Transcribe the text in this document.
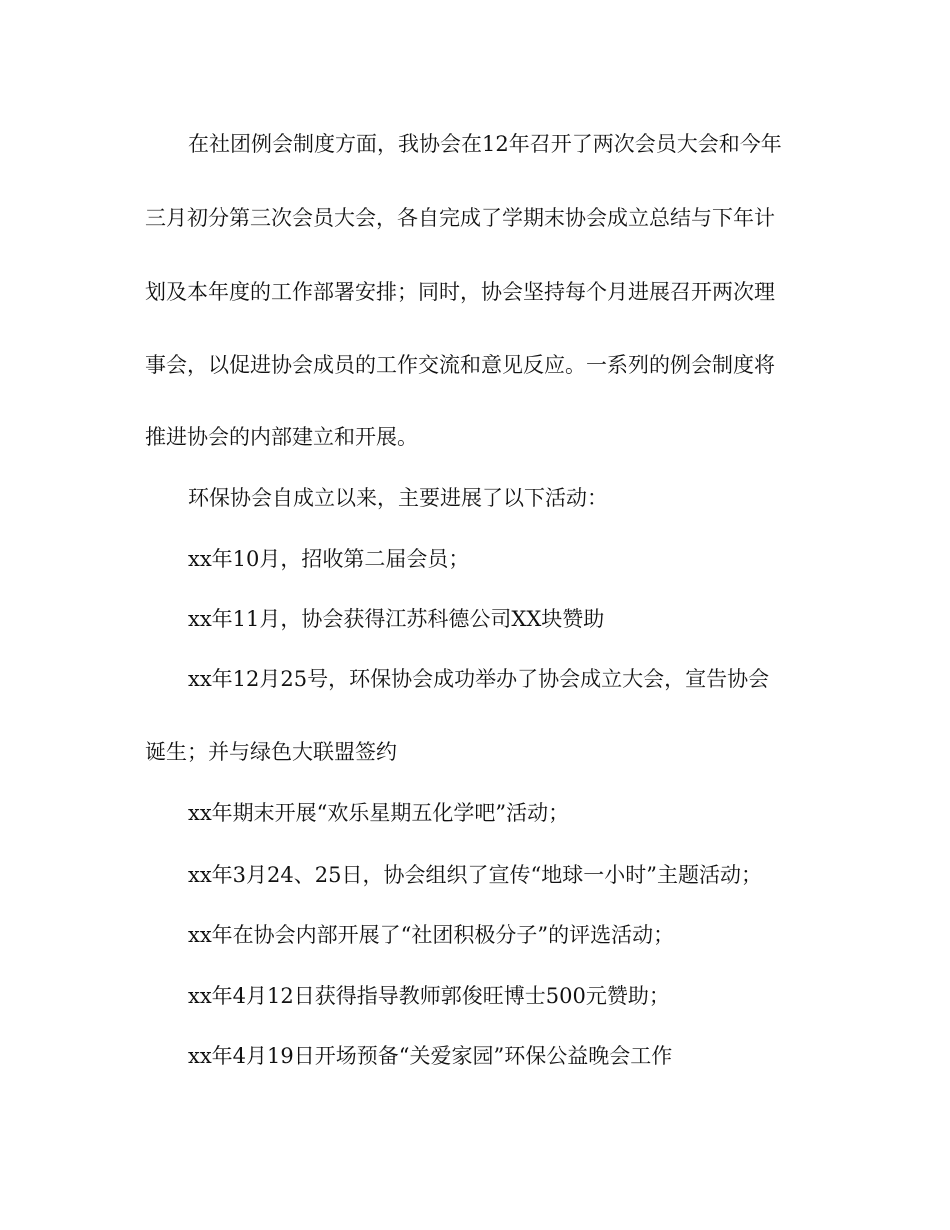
在社团例会制度方面，我协会在12年召开了两次会员大会和今年

三月初分第三次会员大会，各自完成了学期末协会成立总结与下年计

划及本年度的工作部署安排；同时，协会坚持每个月进展召开两次理

事会，以促进协会成员的工作交流和意见反应。一系列的例会制度将

推进协会的内部建立和开展。

环保协会自成立以来，主要进展了以下活动：

xx年10月，招收第二届会员；

xx年11月，协会获得江苏科德公司XX块赞助

xx年12月25号，环保协会成功举办了协会成立大会，宣告协会

诞生；并与绿色大联盟签约

xx年期末开展“欢乐星期五化学吧”活动；

xx年3月24、25日，协会组织了宣传“地球一小时”主题活动；

xx年在协会内部开展了“社团积极分子”的评选活动；

xx年4月12日获得指导教师郭俊旺博士500元赞助；

xx年4月19日开场预备“关爱家园”环保公益晚会工作
